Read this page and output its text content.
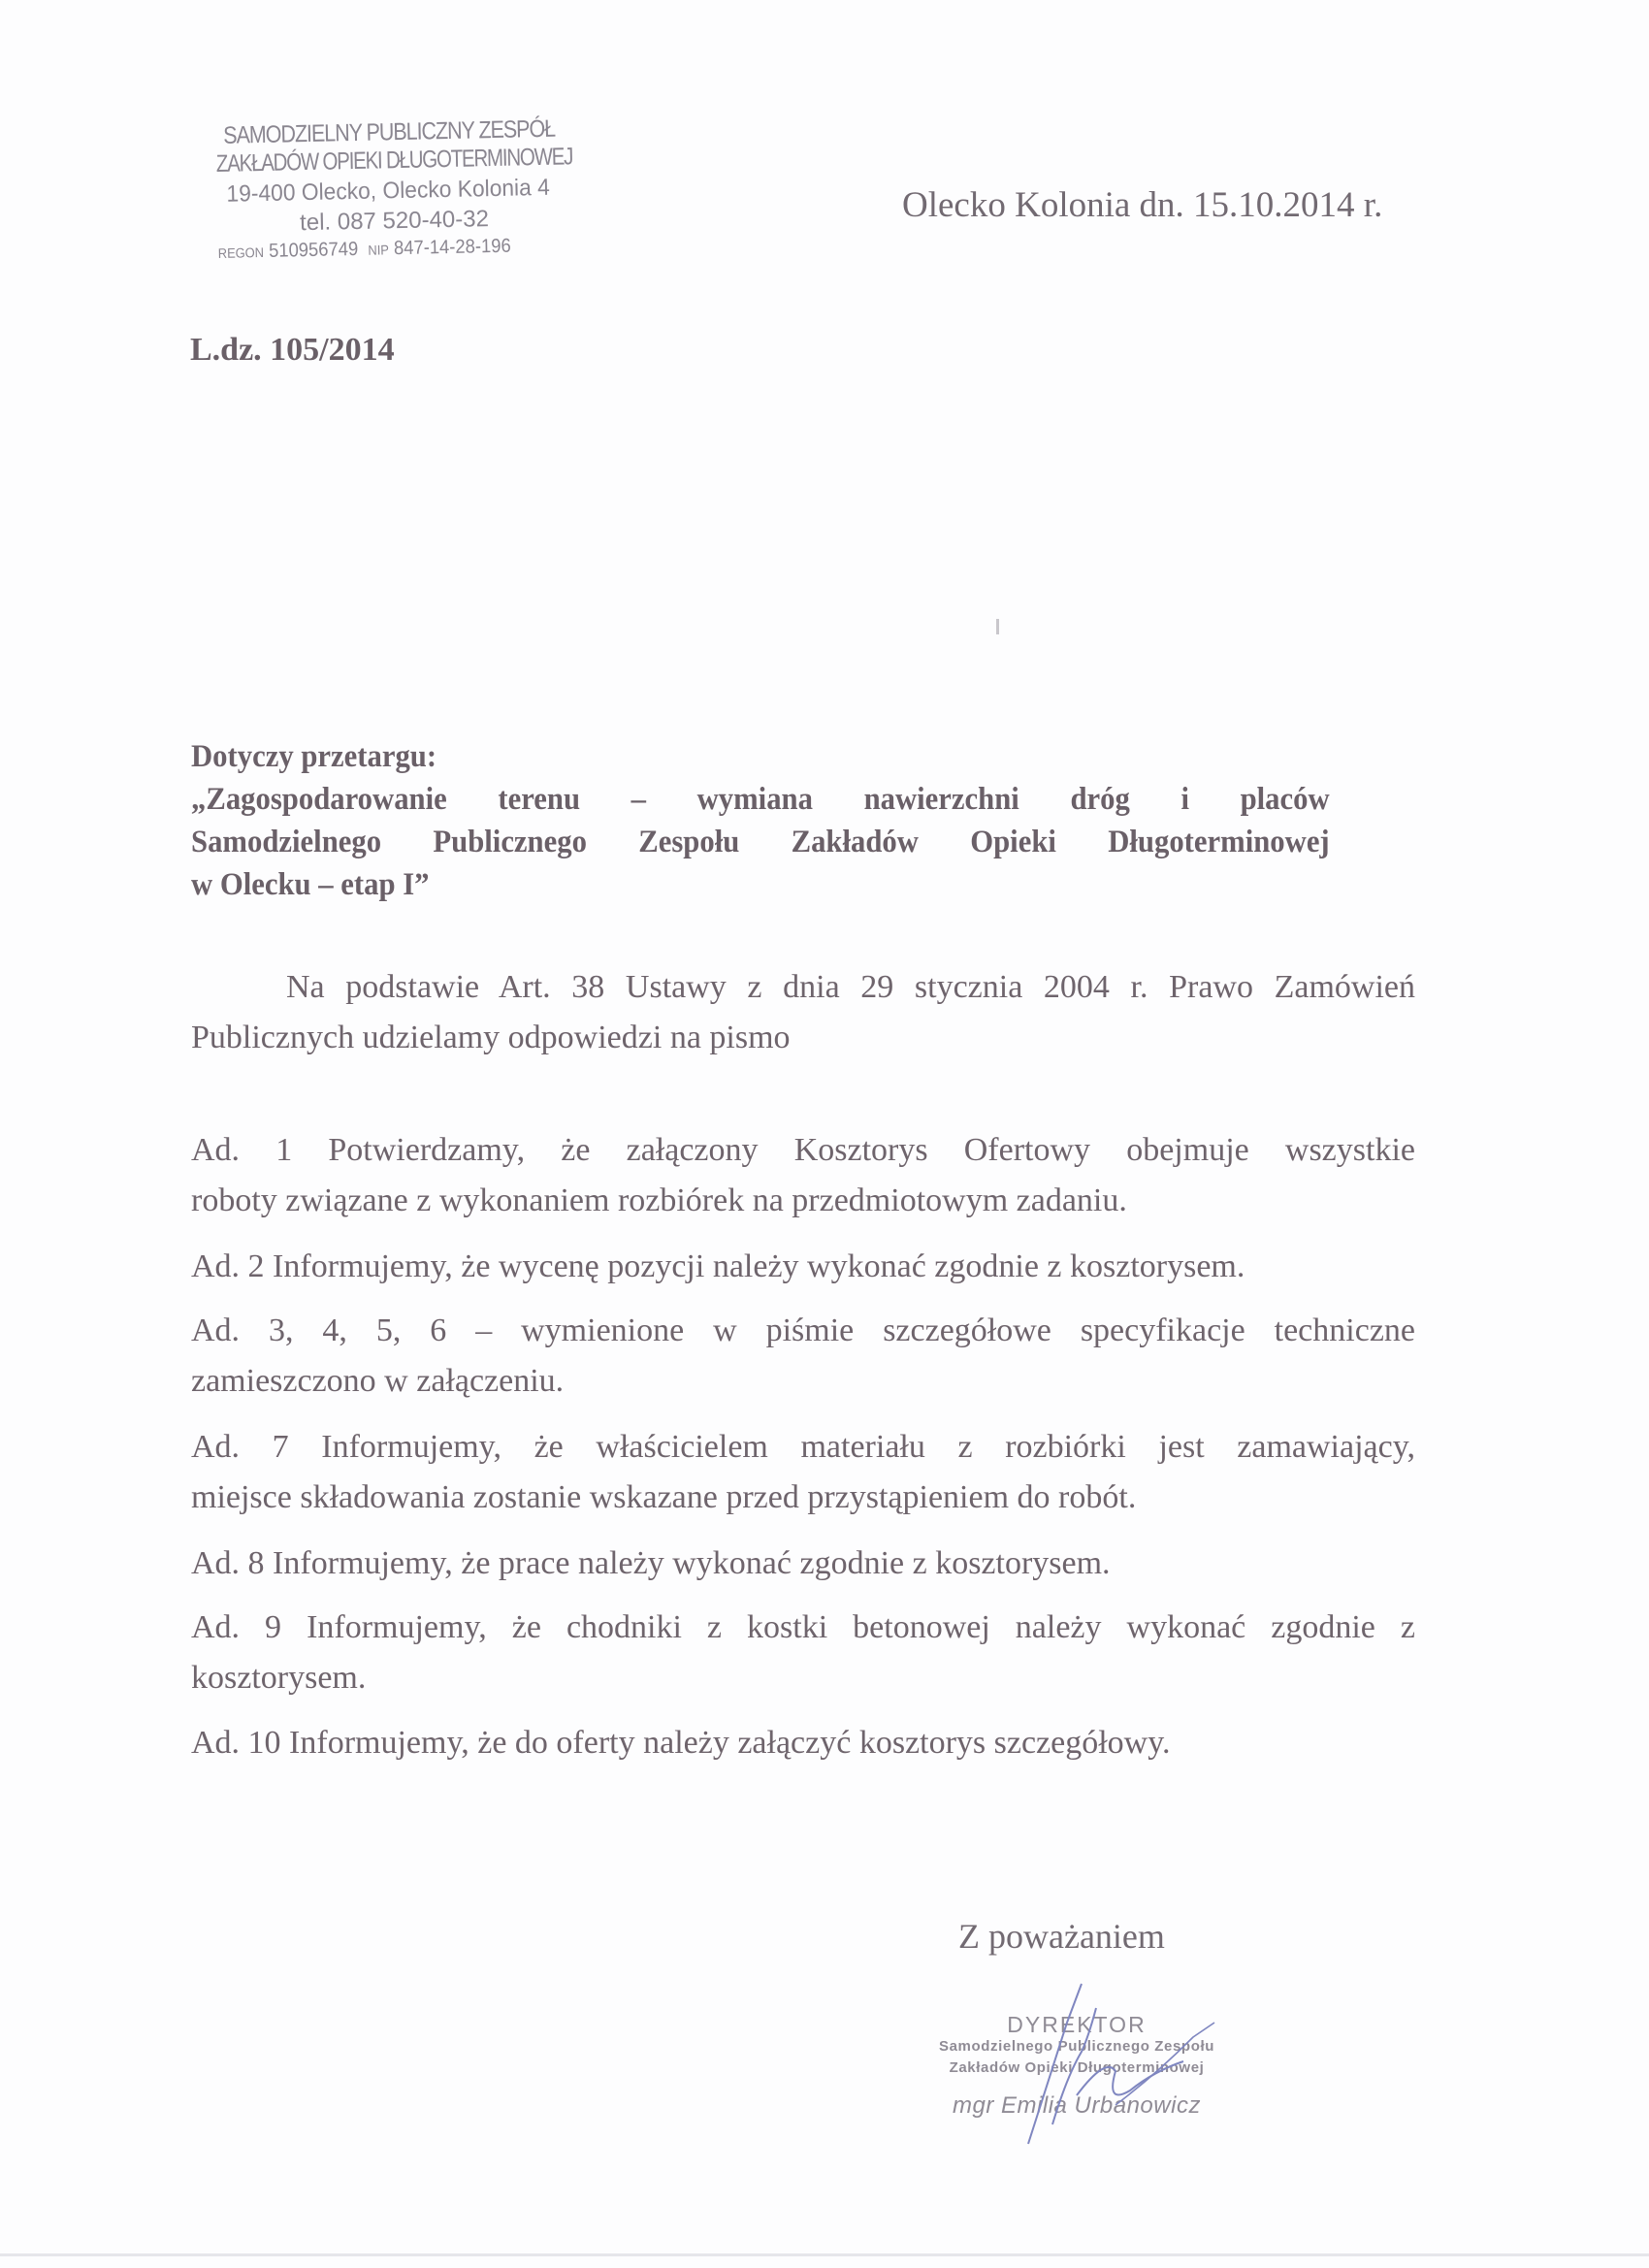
SAMODZIELNY PUBLICZNY ZESPÓŁ
ZAKŁADÓW OPIEKI DŁUGOTERMINOWEJ
19-400 Olecko, Olecko Kolonia 4
tel. 087 520-40-32
REGON 510956749 NIP 847-14-28-196
Olecko Kolonia dn. 15.10.2014 r.
L.dz. 105/2014
Dotyczy przetargu:
„Zagospodarowanie terenu – wymiana nawierzchni dróg i placów
Samodzielnego Publicznego Zespołu Zakładów Opieki Długoterminowej
w Olecku – etap I”
Na podstawie Art. 38 Ustawy z dnia 29 stycznia 2004 r. Prawo Zamówień
Publicznych udzielamy odpowiedzi na pismo
Ad. 1 Potwierdzamy, że załączony Kosztorys Ofertowy obejmuje wszystkie
roboty związane z wykonaniem rozbiórek na przedmiotowym zadaniu.
Ad. 2 Informujemy, że wycenę pozycji należy wykonać zgodnie z kosztorysem.
Ad. 3, 4, 5, 6 – wymienione w piśmie szczegółowe specyfikacje techniczne
zamieszczono w załączeniu.
Ad. 7 Informujemy, że właścicielem materiału z rozbiórki jest zamawiający,
miejsce składowania zostanie wskazane przed przystąpieniem do robót.
Ad. 8 Informujemy, że prace należy wykonać zgodnie z kosztorysem.
Ad. 9 Informujemy, że chodniki z kostki betonowej należy wykonać zgodnie z
kosztorysem.
Ad. 10 Informujemy, że do oferty należy załączyć kosztorys szczegółowy.
Z poważaniem
DYREKTOR
Samodzielnego Publicznego Zespołu
Zakładów Opieki Długoterminowej
mgr Emilia Urbanowicz
